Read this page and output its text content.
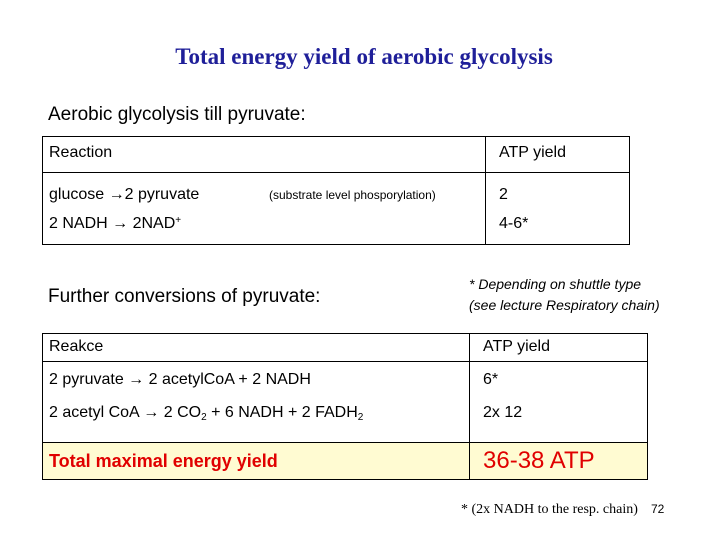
Total energy yield of aerobic glycolysis
Aerobic glycolysis till pyruvate:
Reaction	ATP yield
glucose →2 pyruvate	(substrate level phosporylation)	2
2 NADH → 2NAD+	4-6*
* Depending on shuttle type
(see lecture Respiratory chain)
Further conversions of pyruvate:
Reakce	ATP yield
2 pyruvate → 2 acetylCoA + 2 NADH	6*
2 acetyl CoA → 2 $CO_2 + 6$ NADH + 2 $FADH_2$	2x 12
Total maximal energy yield	36-38 ATP
* (2x NADH to the resp. chain) 72
